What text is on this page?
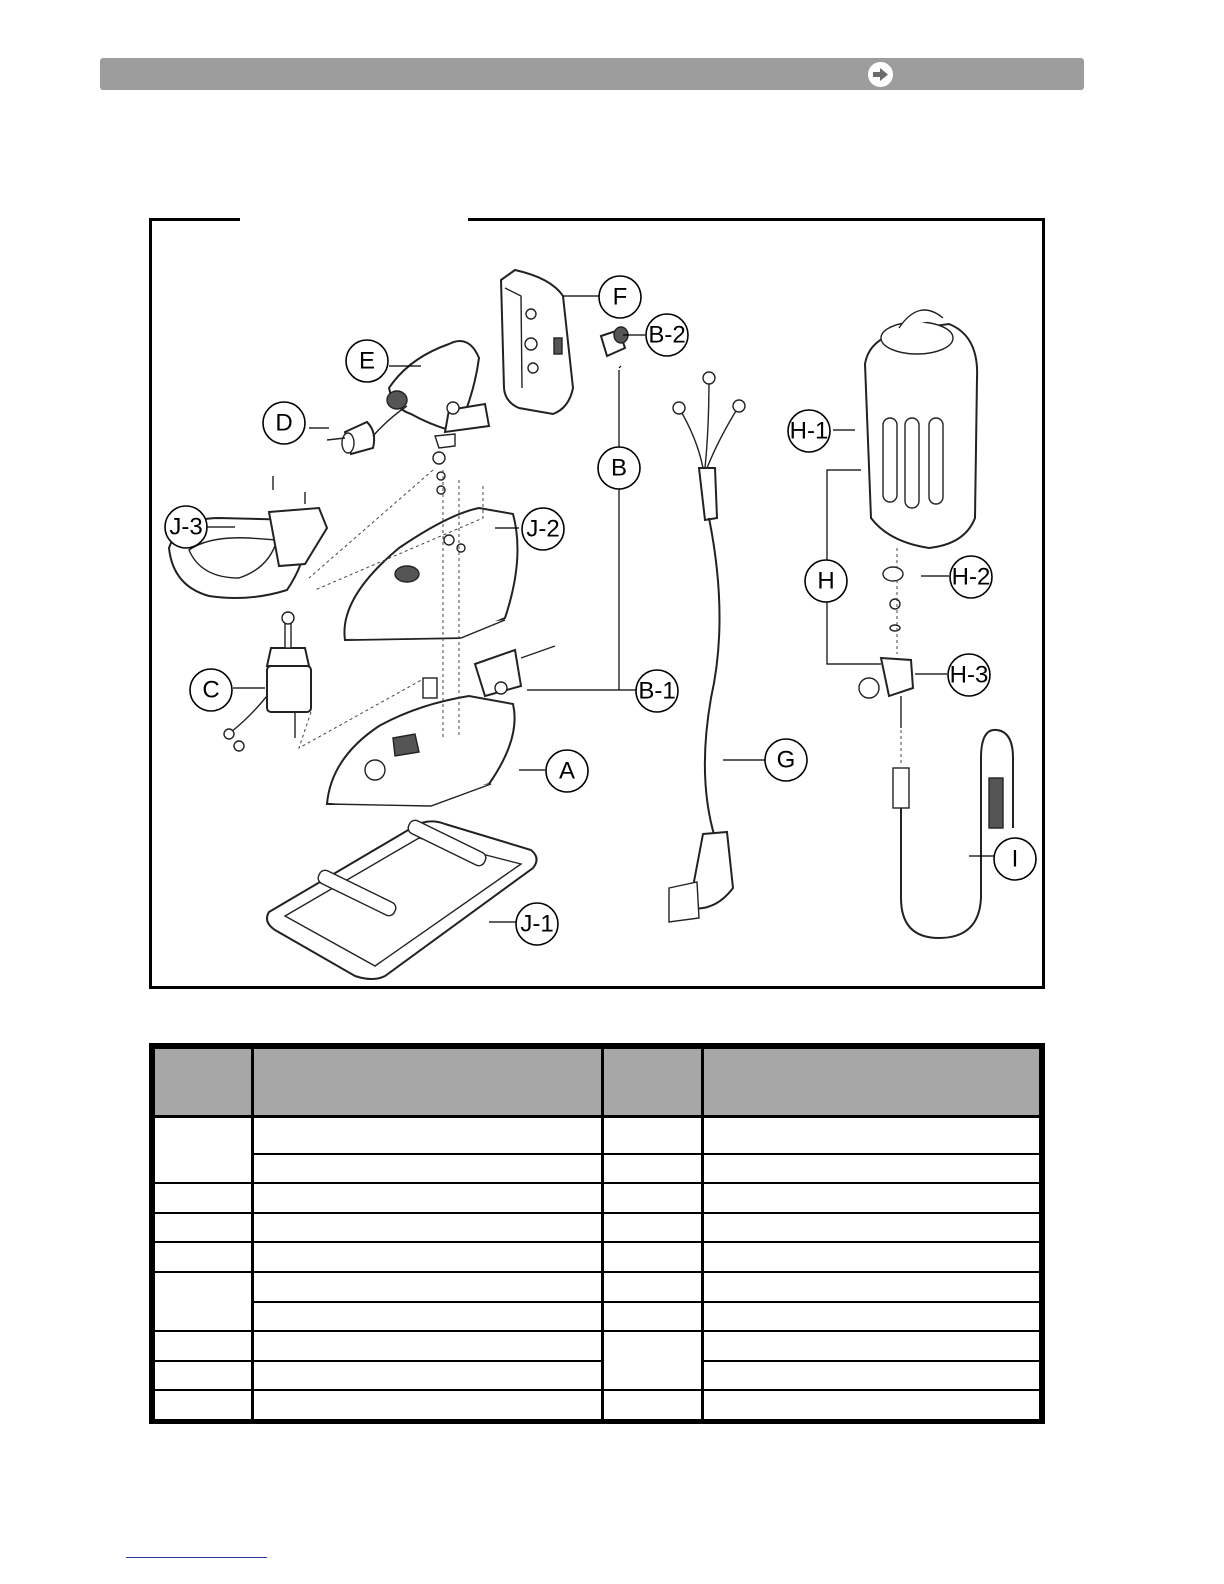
F
B-2
E
D
B
H-1
J-3	J-2
H	H-2
C	B-1
H-3
A	G
I
J-1
